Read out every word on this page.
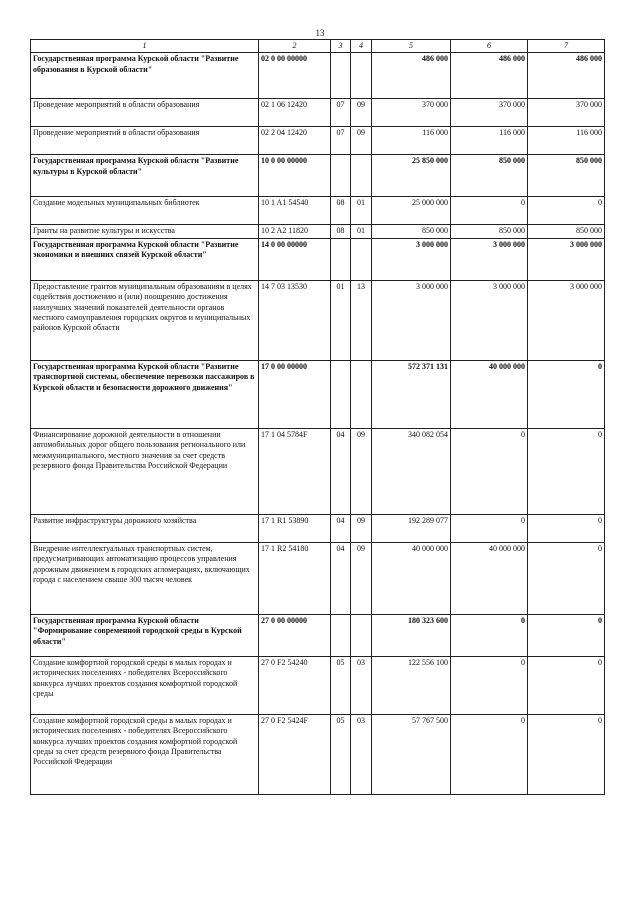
13
1	2	3	4	5	6	7
Государственная программа Курской области "Развитие образования в Курской области"	02 0 00 00000			486 000	486 000	486 000
Проведение мероприятий в области образования	02 1 06 12420	07	09	370 000	370 000	370 000
Проведение мероприятий в области образования	02 2 04 12420	07	09	116 000	116 000	116 000
Государственная программа Курской области "Развитие культуры в Курской области"	10 0 00 00000			25 850 000	850 000	850 000
Создание модельных муниципальных библиотек	10 1 A1 54540	08	01	25 000 000	0	0
Гранты на развитие культуры и искусства	10 2 A2 11820	08	01	850 000	850 000	850 000
Государственная программа Курской области "Развитие экономики и внешних связей Курской области"	14 0 00 00000			3 000 000	3 000 000	3 000 000
Предоставление грантов муниципальным образованиям в целях содействия достижению и (или) поощрению достижения наилучших значений показателей деятельности органов местного самоуправления городских округов и муниципальных районов Курской области	14 7 03 13530	01	13	3 000 000	3 000 000	3 000 000
Государственная программа Курской области "Развитие транспортной системы, обеспечение перевозки пассажиров в Курской области и безопасности дорожного движения"	17 0 00 00000			572 371 131	40 000 000	0
Финансирование дорожной деятельности в отношении автомобильных дорог общего пользования регионального или межмуниципального, местного значения за счет средств резервного фонда Правительства Российской Федерации	17 1 04 5784F	04	09	340 082 054	0	0
Развитие инфраструктуры дорожного хозяйства	17 1 R1 53890	04	09	192 289 077	0	0
Внедрение интеллектуальных транспортных систем, предусматривающих автоматизацию процессов управления дорожным движением в городских агломерациях, включающих города с населением свыше 300 тысяч человек	17 1 R2 54180	04	09	40 000 000	40 000 000	0
Государственная программа Курской области "Формирование современной городской среды в Курской области"	27 0 00 00000			180 323 600	0	0
Создание комфортной городской среды в малых городах и исторических поселениях - победителях Всероссийского конкурса лучших проектов создания комфортной городской среды	27 0 F2 54240	05	03	122 556 100	0	0
Создание комфортной городской среды в малых городах и исторических поселениях - победителях Всероссийского конкурса лучших проектов создания комфортной городской среды за счет средств резервного фонда Правительства Российской Федерации	27 0 F2 5424F	05	03	57 767 500	0	0
